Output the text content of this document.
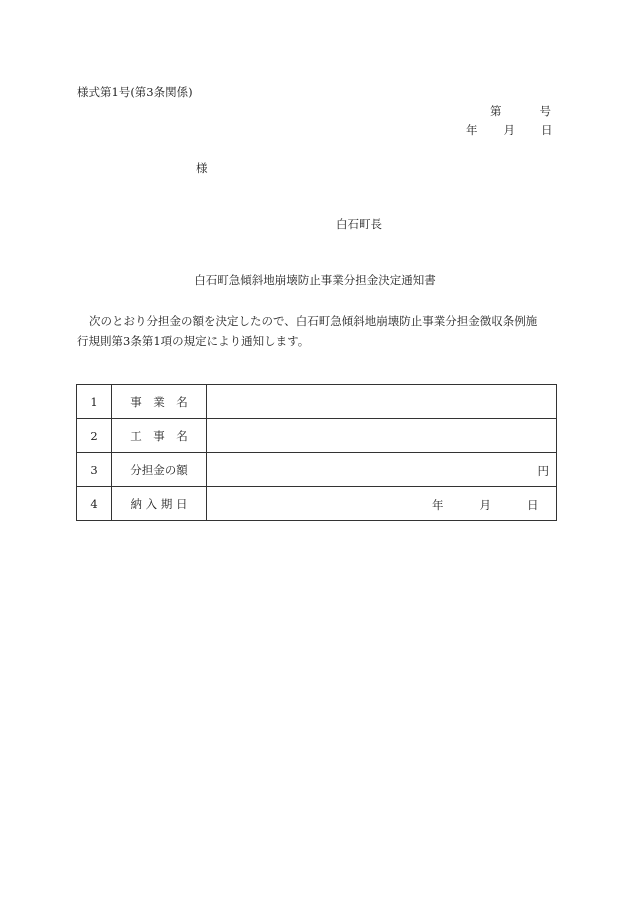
様式第1号(第3条関係)
第	号
年 月 日
様
白石町長
白石町急傾斜地崩壊防止事業分担金決定通知書

次のとおり分担金の額を決定したので、白石町急傾斜地崩壊防止事業分担金徴収条例施

行規則第3条第1項の規定により通知します。

1	事　業　名	
2	工　事　名	
3	分担金の額	円

4	納 入 期 日	年 月 日
